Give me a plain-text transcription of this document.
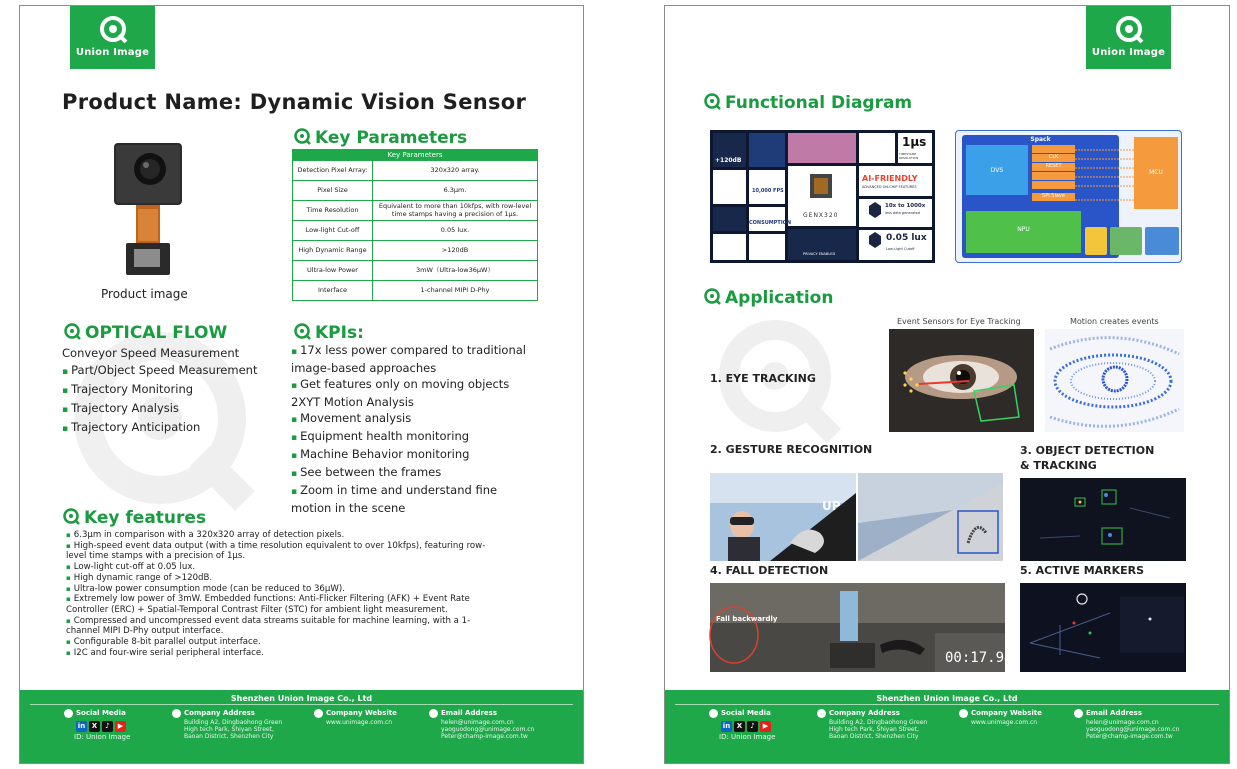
Union Image
Product Name: Dynamic Vision Sensor
Product image
Key Parameters
Key Parameters	
Detection Pixel Array:	320x320 array.
Pixel Size	6.3μm.
Time Resolution	Equivalent to more than 10kfps, with row-level time stamps having a precision of 1μs.
Low-light Cut-off	0.05 lux.
High Dynamic Range	>120dB
Ultra-low Power	3mW（Ultra-low36μW）
Interface	1-channel MIPI D-Phy
OPTICAL FLOW
Conveyor Speed Measurement
▪ Part/Object Speed Measurement
▪ Trajectory Monitoring
▪ Trajectory Analysis
▪ Trajectory Anticipation
KPIs:
▪ 17x less power compared to traditional
image-based approaches
▪ Get features only on moving objects
2XYT Motion Analysis
▪ Movement analysis
▪ Equipment health monitoring
▪ Machine Behavior monitoring
▪ See between the frames
▪ Zoom in time and understand fine
motion in the scene
Key features
▪ 6.3μm in comparison with a 320x320 array of detection pixels.
▪ High-speed event data output (with a time resolution equivalent to over 10kfps), featuring row-
level time stamps with a precision of 1μs.
▪ Low-light cut-off at 0.05 lux.
▪ High dynamic range of >120dB.
▪ Ultra-low power consumption mode (can be reduced to 36μW).
▪ Extremely low power of 3mW. Embedded functions: Anti-Flicker Filtering (AFK) + Event Rate
Controller (ERC) + Spatial-Temporal Contrast Filter (STC) for ambient light measurement.
▪ Compressed and uncompressed event data streams suitable for machine learning, with a 1-
channel MIPI D-Phy output interface.
▪ Configurable 8-bit parallel output interface.
▪ I2C and four-wire serial peripheral interface.
Shenzhen Union Image Co., Ltd
Social Media
in X ♪ ▶
ID: Union Image
Company Address
Building A2, Dingbaohong Green
High tech Park, Shiyan Street,
Baoan District, Shenzhen City
Company Website
www.unimage.com.cn
Email Address
helen@unimage.com.cn
yaoguodong@unimage.com.cn
Peter@champ-image.com.tw
Union Image
Functional Diagram
+120dB
1μs
TIMESTAMP RESOLUTION
10,000 FPS
CONSUMPTION
AI-FRIENDLY
ADVANCED ON-CHIP FEATURES
10x to 1000x
less data generated
0.05 lux
Low-Light Cutoff
GENX320
PRIVACY ENABLED
Spack
DVS
NPU
CLK
RESET
SPI Slave
MCU
Application
Event Sensors for Eye Tracking	Motion creates events
1. EYE TRACKING
2. GESTURE RECOGNITION	3. OBJECT DETECTION
& TRACKING
UP
4. FALL DETECTION	5. ACTIVE MARKERS
Fall backwardly
00:17.94
Shenzhen Union Image Co., Ltd
Social Media
in X ♪ ▶
ID: Union Image
Company Address
Building A2, Dingbaohong Green
High tech Park, Shiyan Street,
Baoan District, Shenzhen City
Company Website
www.unimage.com.cn
Email Address
helen@unimage.com.cn
yaoguodong@unimage.com.cn
Peter@champ-image.com.tw
